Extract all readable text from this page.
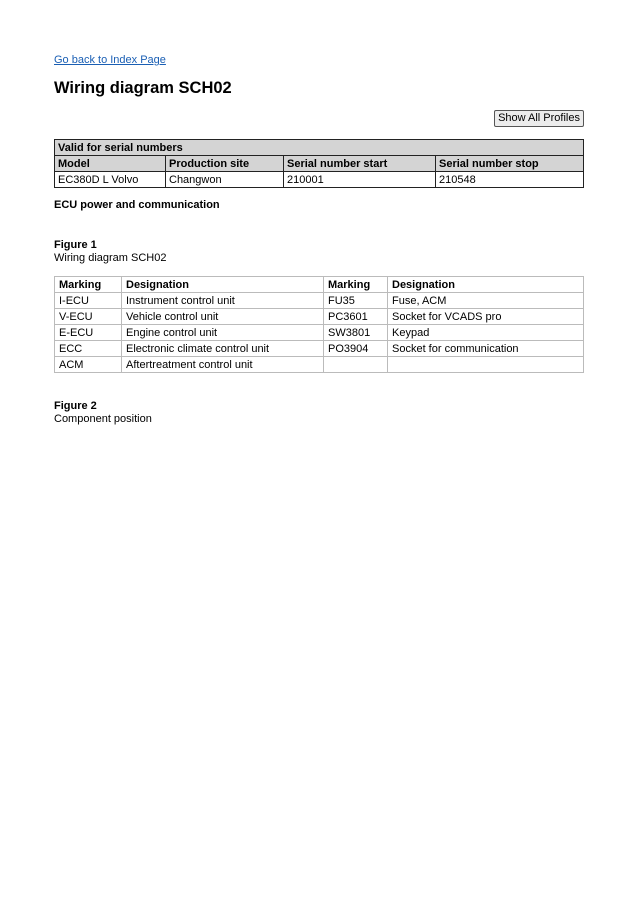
Go back to Index Page
Wiring diagram SCH02
Show All Profiles
Valid for serial numbers			
Model	Production site	Serial number start	Serial number stop
EC380D L Volvo	Changwon	210001	210548
ECU power and communication
Figure 1
Wiring diagram SCH02
Marking	Designation	Marking	Designation
I-ECU	Instrument control unit	FU35	Fuse, ACM
V-ECU	Vehicle control unit	PC3601	Socket for VCADS pro
E-ECU	Engine control unit	SW3801	Keypad
ECC	Electronic climate control unit	PO3904	Socket for communication
ACM	Aftertreatment control unit		
Figure 2
Component position
